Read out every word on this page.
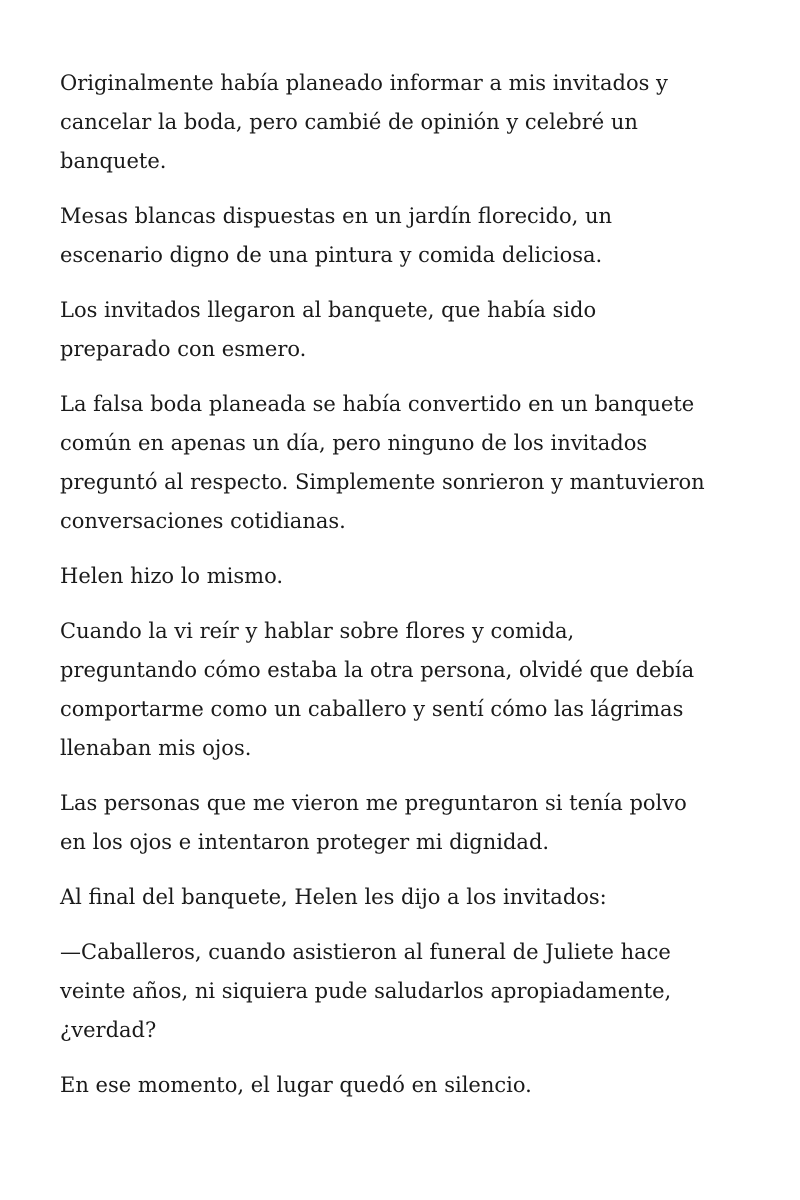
Originalmente había planeado informar a mis invitados y
cancelar la boda, pero cambié de opinión y celebré un
banquete.

Mesas blancas dispuestas en un jardín florecido, un
escenario digno de una pintura y comida deliciosa.

Los invitados llegaron al banquete, que había sido
preparado con esmero.

La falsa boda planeada se había convertido en un banquete
común en apenas un día, pero ninguno de los invitados
preguntó al respecto. Simplemente sonrieron y mantuvieron
conversaciones cotidianas.

Helen hizo lo mismo.

Cuando la vi reír y hablar sobre flores y comida,
preguntando cómo estaba la otra persona, olvidé que debía
comportarme como un caballero y sentí cómo las lágrimas
llenaban mis ojos.

Las personas que me vieron me preguntaron si tenía polvo
en los ojos e intentaron proteger mi dignidad.

Al final del banquete, Helen les dijo a los invitados:

—Caballeros, cuando asistieron al funeral de Juliete hace
veinte años, ni siquiera pude saludarlos apropiadamente,
¿verdad?

En ese momento, el lugar quedó en silencio.
